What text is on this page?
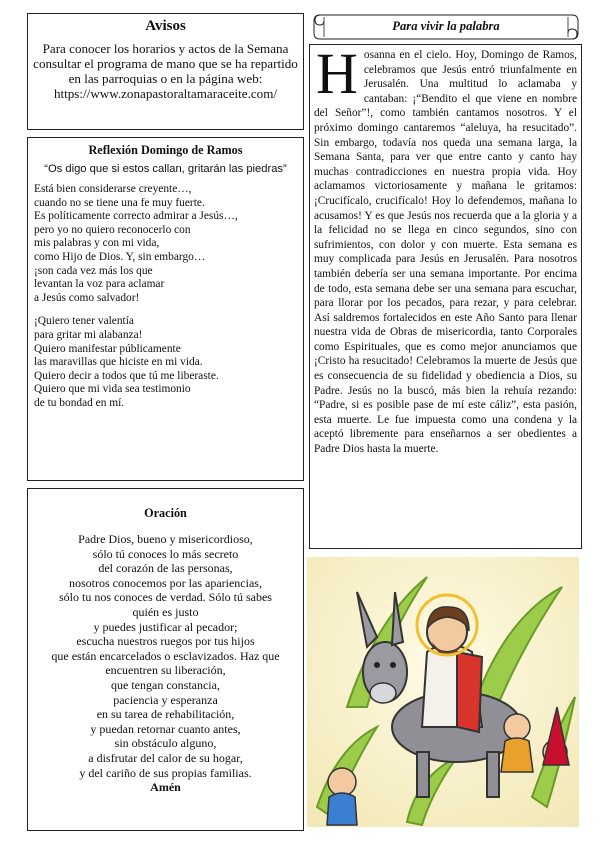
Avisos

Para conocer los horarios y actos de la Semana consultar el programa de mano que se ha repartido en las parroquias o en la página web: https://www.zonapastoraltamaraceite.com/

Reflexión Domingo de Ramos
“Os digo que si estos callan, gritarán las piedras”
Está bien considerarse creyente…,
cuando no se tiene una fe muy fuerte.
Es políticamente correcto admirar a Jesús…,
pero yo no quiero reconocerlo con
mis palabras y con mi vida,
como Hijo de Dios. Y, sin embargo…
¡son cada vez más los que
levantan la voz para aclamar
a Jesús como salvador!
¡Quiero tener valentía
para gritar mi alabanza!
Quiero manifestar públicamente
las maravillas que hiciste en mi vida.
Quiero decir a todos que tú me liberaste.
Quiero que mi vida sea testimonio
de tu bondad en mí.
Oración
Padre Dios, bueno y misericordioso,
sólo tú conoces lo más secreto
del corazón de las personas,
nosotros conocemos por las apariencias,
sólo tu nos conoces de verdad. Sólo tú sabes
quién es justo
y puedes justificar al pecador;
escucha nuestros ruegos por tus hijos
que están encarcelados o esclavizados. Haz que
encuentren su liberación,
que tengan constancia,
paciencia y esperanza
en su tarea de rehabilitación,
y puedan retornar cuanto antes,
sin obstáculo alguno,
a disfrutar del calor de su hogar,
y del cariño de sus propias familias.
Amén
Para vivir la palabra

Hosanna en el cielo. Hoy, Domingo de Ramos, celebramos que Jesús entró triunfalmente en Jerusalén. Una multitud lo aclamaba y cantaban: ¡“Bendito el que viene en nombre del Señor”!, como también cantamos nosotros. Y el próximo domingo cantaremos “aleluya, ha resucitado”. Sin embargo, todavía nos queda una semana larga, la Semana Santa, para ver que entre canto y canto hay muchas contradicciones en nuestra propia vida. Hoy aclamamos victoriosamente y mañana le gritamos: ¡Crucifícalo, crucifícalo! Hoy lo defendemos, mañana lo acusamos! Y es que Jesús nos recuerda que a la gloria y a la felicidad no se llega en cinco segundos, sino con sufrimientos, con dolor y con muerte. Esta semana es muy complicada para Jesús en Jerusalén. Para nosotros también debería ser una semana importante. Por encima de todo, esta semana debe ser una semana para escuchar, para llorar por los pecados, para rezar, y para celebrar. Así saldremos fortalecidos en este Año Santo para llenar nuestra vida de Obras de misericordia, tanto Corporales como Espirituales, que es como mejor anunciamos que ¡Cristo ha resucitado! Celebramos la muerte de Jesús que es consecuencia de su fidelidad y obediencia a Dios, su Padre. Jesús no la buscó, más bien la rehuía rezando: “Padre, si es posible pase de mí este cáliz”, esta pasión, esta muerte. Le fue impuesta como una condena y la aceptó libremente para enseñarnos a ser obedientes a Padre Dios hasta la muerte.
